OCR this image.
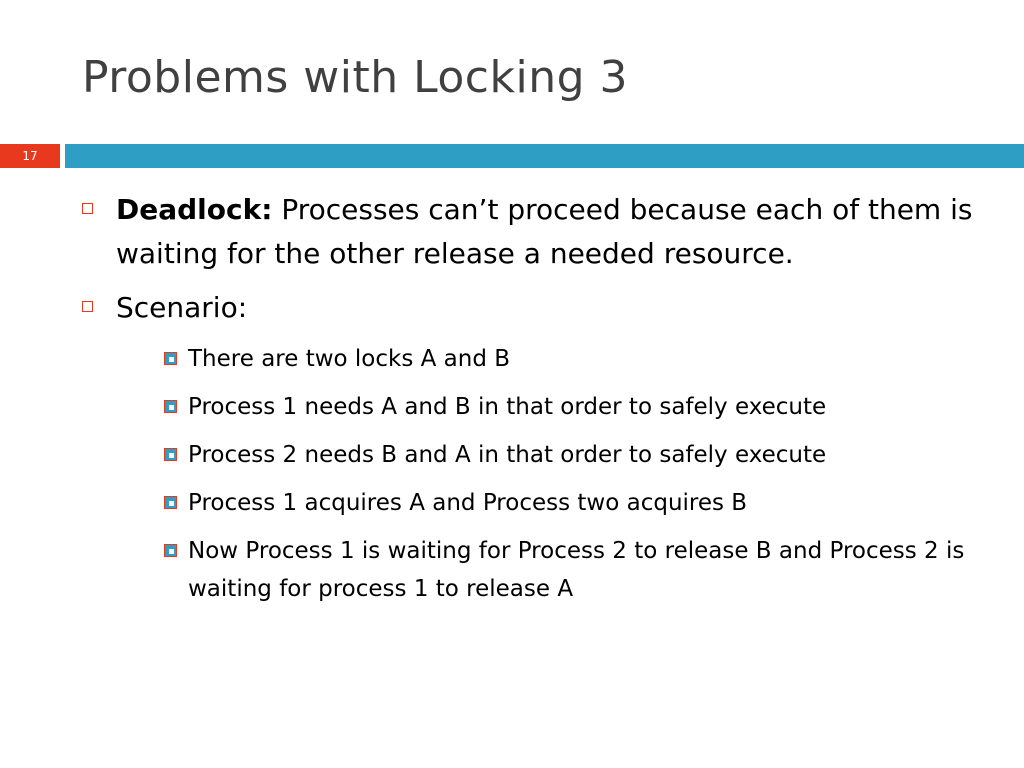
Problems with Locking 3
17
Deadlock: Processes can’t proceed because each of them is waiting for the other release a needed resource.
Scenario:
There are two locks A and B
Process 1 needs A and B in that order to safely execute
Process 2 needs B and A in that order to safely execute
Process 1 acquires A and Process two acquires B
Now Process 1 is waiting for Process 2 to release B and Process 2 is waiting for process 1 to release A
